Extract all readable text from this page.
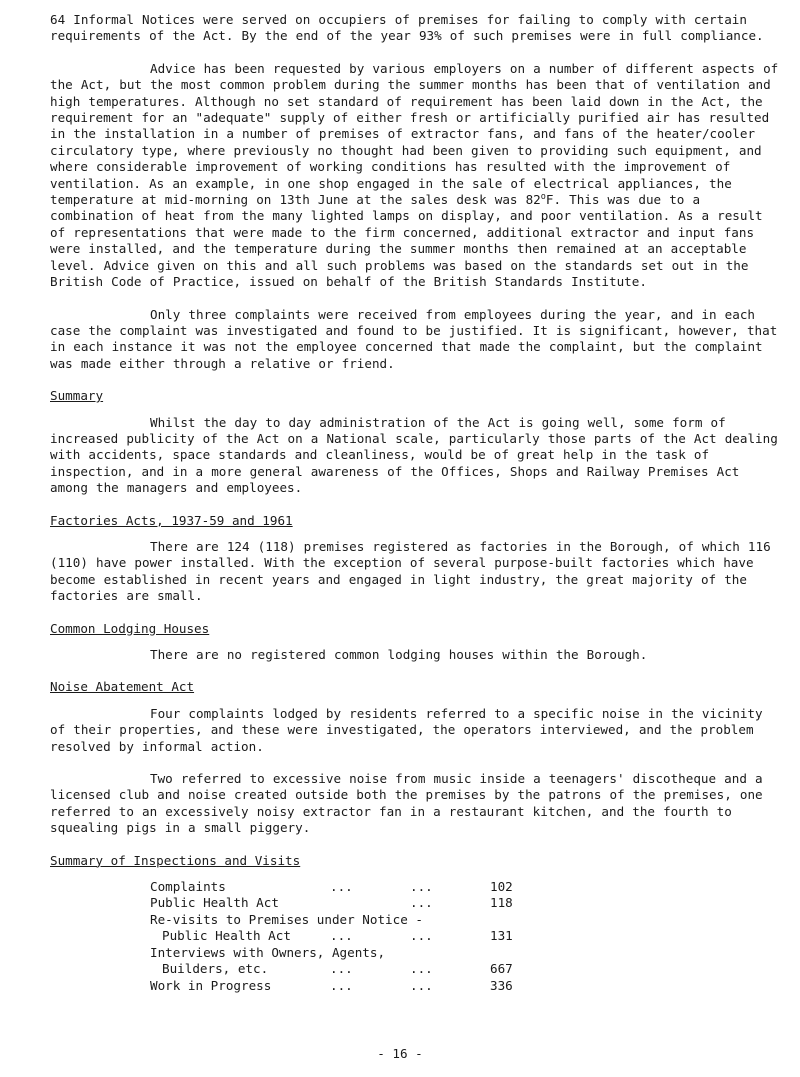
64 Informal Notices were served on occupiers of premises for failing to comply with certain requirements of the Act. By the end of the year 93% of such premises were in full compliance.

Advice has been requested by various employers on a number of different aspects of the Act, but the most common problem during the summer months has been that of ventilation and high temperatures. Although no set standard of requirement has been laid down in the Act, the requirement for an "adequate" supply of either fresh or artificially purified air has resulted in the installation in a number of premises of extractor fans, and fans of the heater/cooler circulatory type, where previously no thought had been given to providing such equipment, and where considerable improvement of working conditions has resulted with the improvement of ventilation. As an example, in one shop engaged in the sale of electrical appliances, the temperature at mid-morning on 13th June at the sales desk was 82$^o$F. This was due to a combination of heat from the many lighted lamps on display, and poor ventilation. As a result of representations that were made to the firm concerned, additional extractor and input fans were installed, and the temperature during the summer months then remained at an acceptable level. Advice given on this and all such problems was based on the standards set out in the British Code of Practice, issued on behalf of the British Standards Institute.

Only three complaints were received from employees during the year, and in each case the complaint was investigated and found to be justified. It is significant, however, that in each instance it was not the employee concerned that made the complaint, but the complaint was made either through a relative or friend.

Summary

Whilst the day to day administration of the Act is going well, some form of increased publicity of the Act on a National scale, particularly those parts of the Act dealing with accidents, space standards and cleanliness, would be of great help in the task of inspection, and in a more general awareness of the Offices, Shops and Railway Premises Act among the managers and employees.

Factories Acts, 1937-59 and 1961

There are 124 (118) premises registered as factories in the Borough, of which 116 (110) have power installed. With the exception of several purpose-built factories which have become established in recent years and engaged in light industry, the great majority of the factories are small.

Common Lodging Houses

There are no registered common lodging houses within the Borough.

Noise Abatement Act

Four complaints lodged by residents referred to a specific noise in the vicinity of their properties, and these were investigated, the operators interviewed, and the problem resolved by informal action.

Two referred to excessive noise from music inside a teenagers' discotheque and a licensed club and noise created outside both the premises by the patrons of the premises, one referred to an excessively noisy extractor fan in a restaurant kitchen, and the fourth to squealing pigs in a small piggery.

Summary of Inspections and Visits
Complaints	...	...	102
Public Health Act	...	118
Re-visits to Premises under Notice -
Public Health Act	...	...	131
Interviews with Owners, Agents,
Builders, etc.	...	...	667
Work in Progress	...	...	336
- 16 -
